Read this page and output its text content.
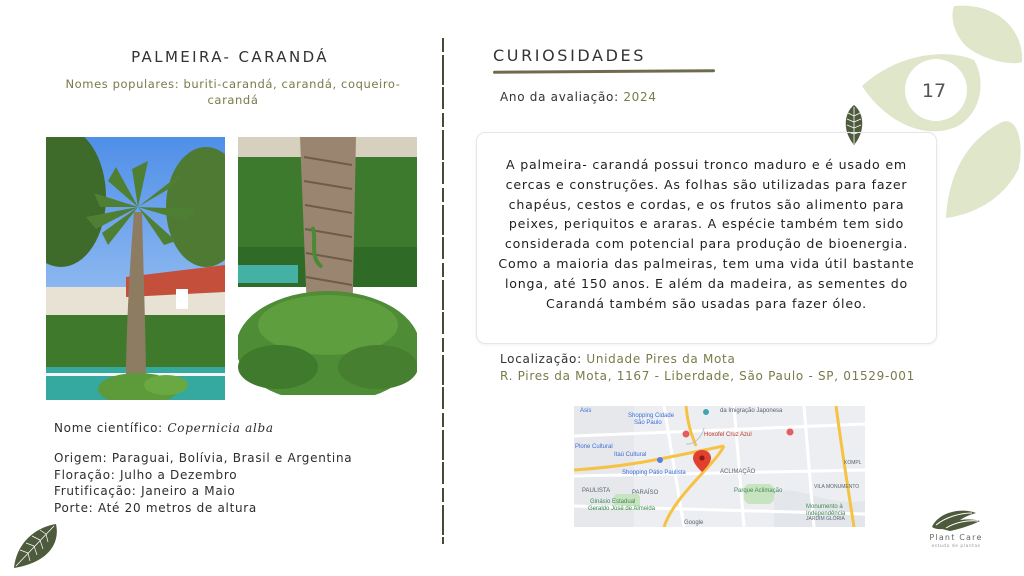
17
PALMEIRA- CARANDÁ
Nomes populares: buriti-carandá, carandá, coqueiro-carandá
Nome científico: Copernicia alba
Origem: Paraguai, Bolívia, Brasil e Argentina
Floração: Julho a Dezembro
Frutificação: Janeiro a Maio
Porte: Até 20 metros de altura
CURIOSIDADES
Ano da avaliação: 2024

A palmeira- carandá possui tronco maduro e é usado em cercas e construções. As folhas são utilizadas para fazer chapéus, cestos e cordas, e os frutos são alimento para peixes, periquitos e araras. A espécie também tem sido considerada com potencial para produção de bioenergia. Como a maioria das palmeiras, tem uma vida útil bastante longa, até 150 anos. E além da madeira, as sementes do Carandá também são usadas para fazer óleo.

Localização: Unidade Pires da Mota
R. Pires da Mota, 1167 - Liberdade, São Paulo - SP, 01529-001
Asis
Shopping Cidade
São Paulo
da Imigração Japonesa
Itaú Cultural
Shopping Pátio Paulista
Plone Cultural
Hoxofel Cruz Azul
ACLIMAÇÃO
PAULISTA	PARAÍSO
VILA MONUMENTO
JARDIM GLÓRIA
KOMPL
Google
Parque Aclimação
Ginásio Estadual
Geraldo José de Almeida	Monumento à
Independência
Plant Care
estudo de plantas
